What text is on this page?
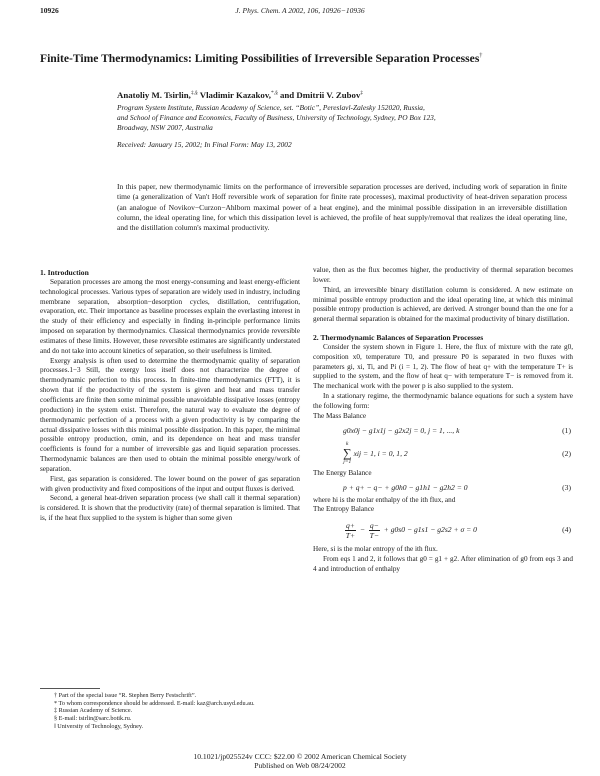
10926	J. Phys. Chem. A 2002, 106, 10926−10936
Finite-Time Thermodynamics: Limiting Possibilities of Irreversible Separation Processes†
Anatoliy M. Tsirlin,‡,§ Vladimir Kazakov,*,§ and Dmitrii V. Zubov‡
Program System Institute, Russian Academy of Science, set. “Botic”, Pereslavl-Zalesky 152020, Russia,
and School of Finance and Economics, Faculty of Business, University of Technology, Sydney, PO Box 123,
Broadway, NSW 2007, Australia
Received: January 15, 2002; In Final Form: May 13, 2002
In this paper, new thermodynamic limits on the performance of irreversible separation processes are derived, including work of separation in finite time (a generalization of Van't Hoff reversible work of separation for finite rate processes), maximal productivity of heat-driven separation process (an analogue of Novikov−Curzon−Ahlborn maximal power of a heat engine), and the minimal possible dissipation in an irreversible distillation column, the ideal operating line, for which this dissipation level is achieved, the profile of heat supply/removal that realizes the ideal operating line, and the distillation column's maximal productivity.

1. Introduction

Separation processes are among the most energy-consuming and least energy-efficient technological processes. Various types of separation are widely used in industry, including membrane separation, absorption−desorption cycles, distillation, centrifugation, evaporation, etc. Their importance as baseline processes explain the everlasting interest in the study of their efficiency and especially in finding in-principle performance limits imposed on separation by thermodynamics. Classical thermodynamics provide reversible estimates of these limits. However, these reversible estimates are significantly understated and do not take into account kinetics of separation, so their usefulness is limited.

Exergy analysis is often used to determine the thermodynamic quality of separation processes.1−3 Still, the exergy loss itself does not characterize the degree of thermodynamic perfection to this process. In finite-time thermodynamics (FTT), it is shown that if the productivity of the system is given and heat and mass transfer coefficients are finite then some minimal possible unavoidable dissipative losses (entropy production) in the system exist. Therefore, the natural way to evaluate the degree of thermodynamic perfection of a process with a given productivity is by comparing the actual dissipative losses with this minimal possible dissipation. In this paper, the minimal possible entropy production, σmin, and its dependence on heat and mass transfer coefficients is found for a number of irreversible gas and liquid separation processes. Thermodynamic balances are then used to obtain the minimal possible energy/work of separation.

First, gas separation is considered. The lower bound on the power of gas separation with given productivity and fixed compositions of the input and output fluxes is derived.

Second, a general heat-driven separation process (we shall call it thermal separation) is considered. It is shown that the productivity (rate) of thermal separation is limited. That is, if the heat flux supplied to the system is higher than some given

value, then as the flux becomes higher, the productivity of thermal separation becomes lower.

Third, an irreversible binary distillation column is considered. A new estimate on minimal possible entropy production and the ideal operating line, at which this minimal possible entropy production is achieved, are derived. A stronger bound than the one for a general thermal separation is obtained for the maximal productivity of binary distillation.

2. Thermodynamic Balances of Separation Processes

Consider the system shown in Figure 1. Here, the flux of mixture with the rate g0, composition x0, temperature T0, and pressure P0 is separated in two fluxes with parameters gi, xi, Ti, and Pi (i = 1, 2). The flow of heat q+ with the temperature T+ is supplied to the system, and the flow of heat q− with temperature T− is removed from it. The mechanical work with the power p is also supplied to the system.

In a stationary regime, the thermodynamic balance equations for such a system have the following form:

The Mass Balance

g0x0j − g1x1j − g2x2j = 0, j = 1, ..., k	(1)
k
∑
j=1
xij = 1, i = 0, 1, 2	(2)

The Energy Balance

p + q+ − q− + g0h0 − g1h1 − g2h2 = 0	(3)

where hi is the molar enthalpy of the ith flux, and

The Entropy Balance

$\frac{q+}{T+} - \frac{q-}{T-} + g0s0 - g1s1 - g2s2 + \sigma = 0$	(4)

Here, si is the molar entropy of the ith flux.

From eqs 1 and 2, it follows that g0 = g1 + g2. After elimination of g0 from eqs 3 and 4 and introduction of enthalpy

† Part of the special issue “R. Stephen Berry Festschrift”.
* To whom correspondence should be addressed. E-mail: kaz@arch.usyd.edu.au.
‡ Russian Academy of Science.
§ E-mail: tsirlin@sarc.botik.ru.
‖ University of Technology, Sydney.
10.1021/jp025524v CCC: $22.00 © 2002 American Chemical Society
Published on Web 08/24/2002
